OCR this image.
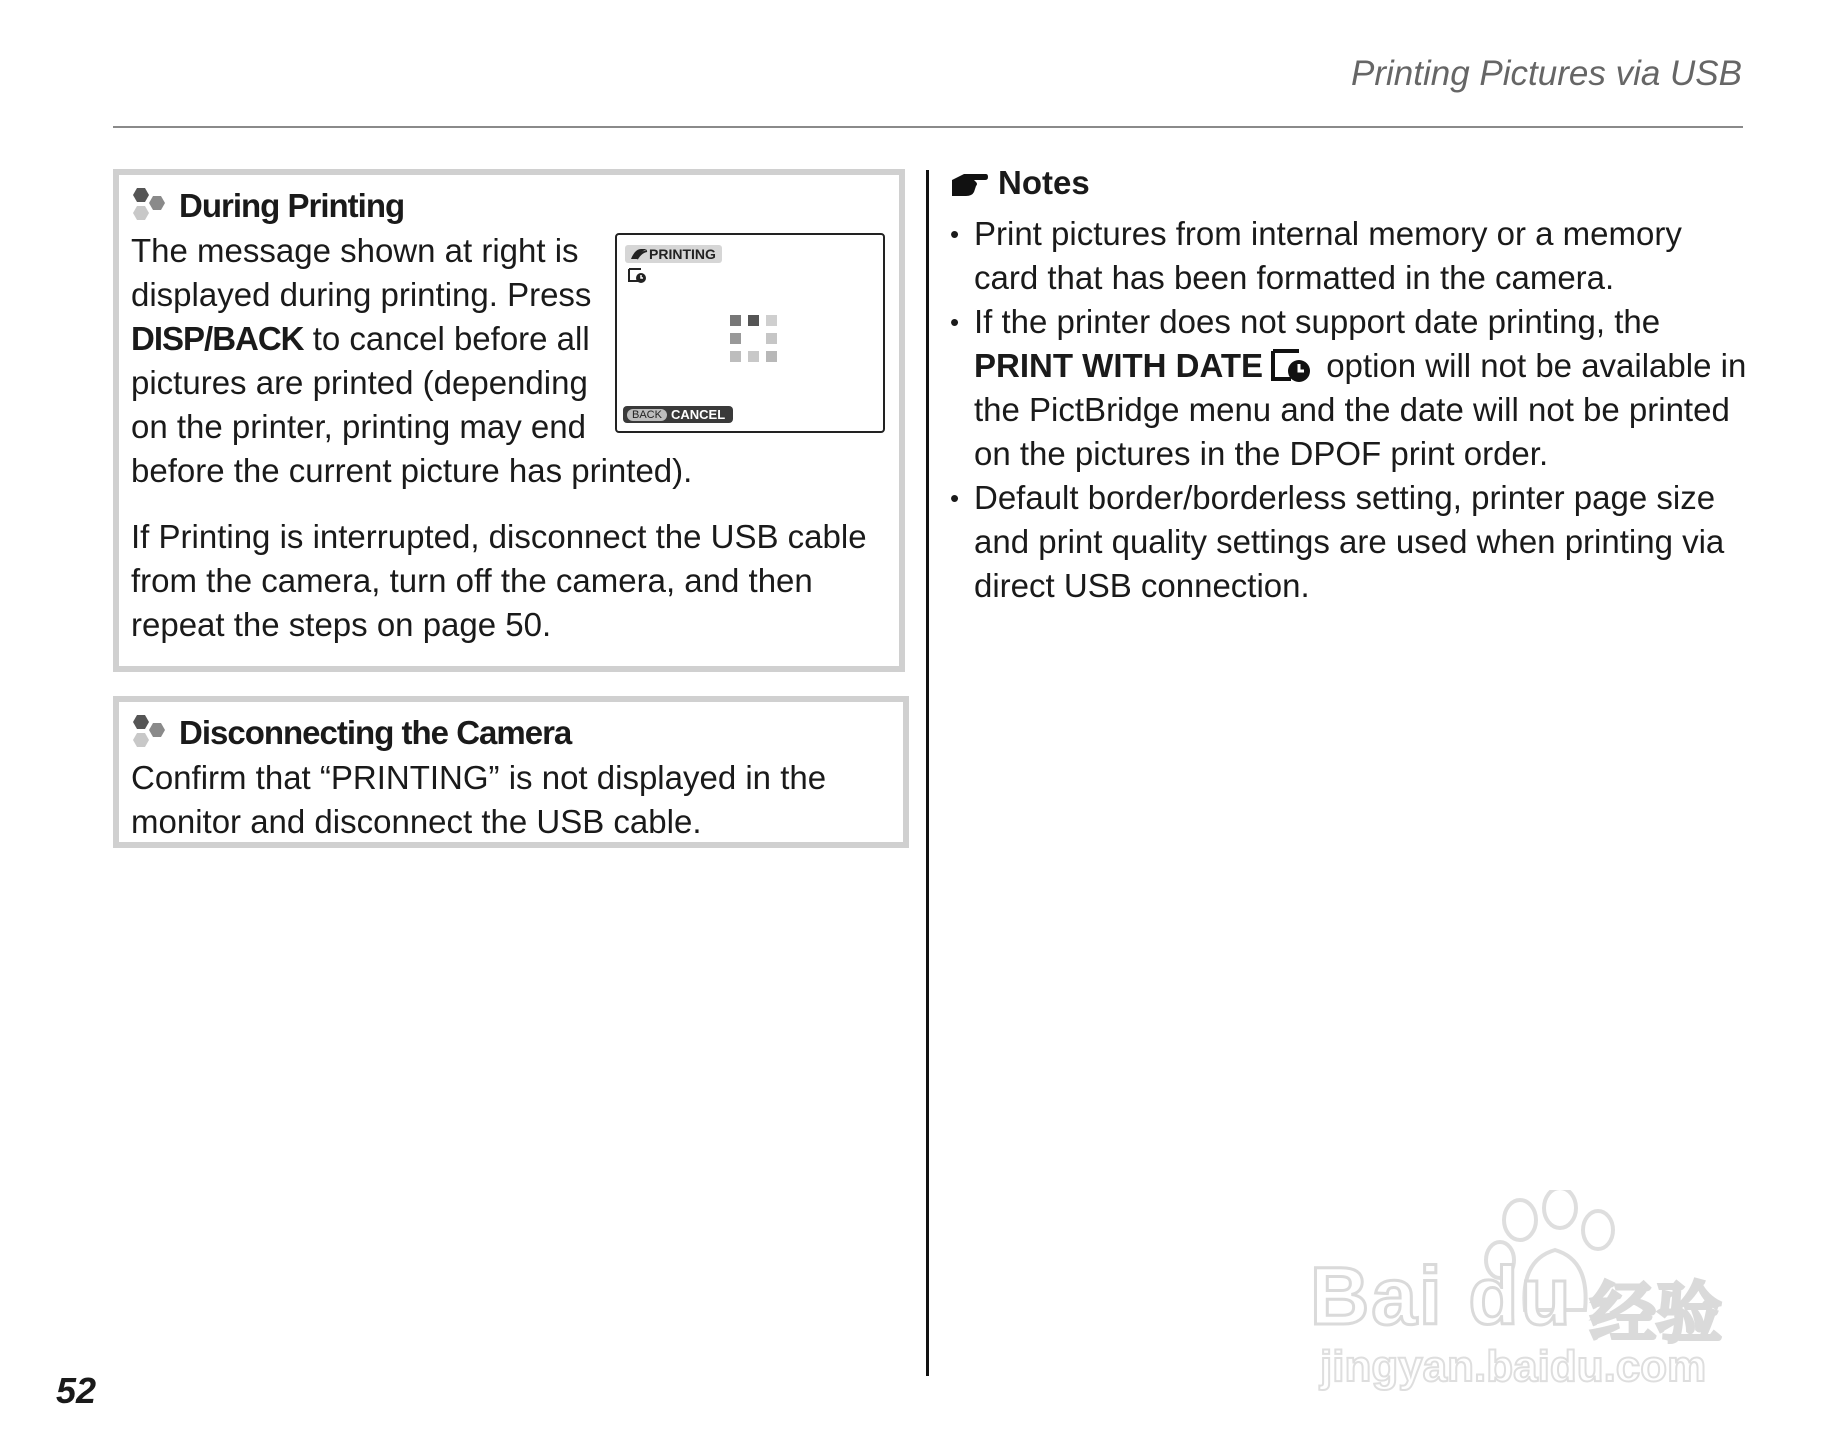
Printing Pictures via USB
During Printing
PRINTING
BACK CANCEL

The message shown at right is displayed during printing. Press DISP/BACK to cancel before all pictures are printed (depending on the printer, printing may end before the current picture has printed).

If Printing is interrupted, disconnect the USB cable from the camera, turn off the camera, and then repeat the steps on page 50.

Disconnecting the Camera

Confirm that “PRINTING” is not displayed in the monitor and disconnect the USB cable.

Notes
• Print pictures from internal memory or a memory card that has been formatted in the camera.
• If the printer does not support date printing, the PRINT WITH DATE option will not be available in the PictBridge menu and the date will not be printed on the pictures in the DPOF print order.
• Default border/borderless setting, printer page size and print quality settings are used when printing via direct USB connection.
52
Bai du 经验
jingyan.baidu.com
